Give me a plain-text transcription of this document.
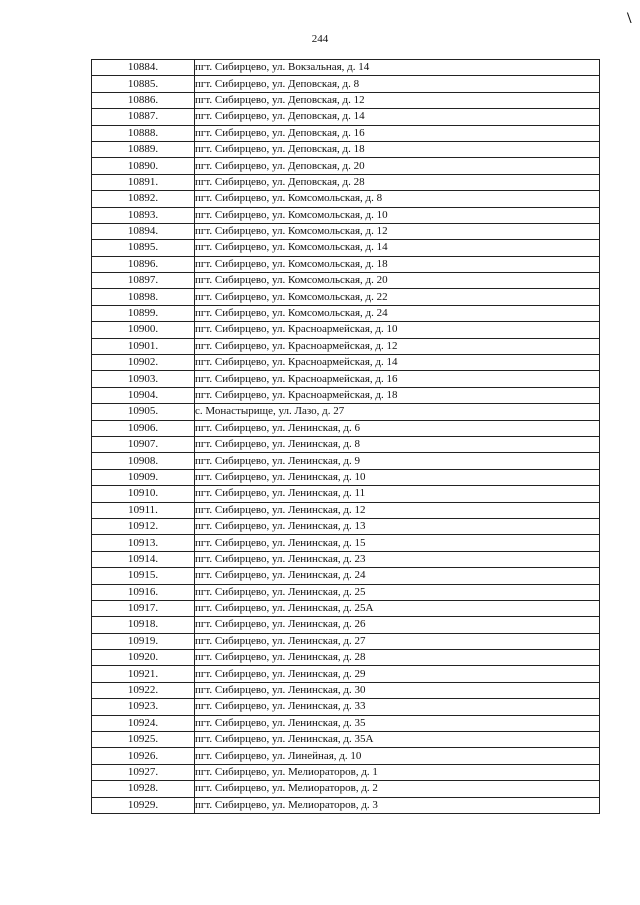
244
\
10884.	пгт. Сибирцево, ул. Вокзальная, д. 14
10885.	пгт. Сибирцево, ул. Деповская, д. 8
10886.	пгт. Сибирцево, ул. Деповская, д. 12
10887.	пгт. Сибирцево, ул. Деповская, д. 14
10888.	пгт. Сибирцево, ул. Деповская, д. 16
10889.	пгт. Сибирцево, ул. Деповская, д. 18
10890.	пгт. Сибирцево, ул. Деповская, д. 20
10891.	пгт. Сибирцево, ул. Деповская, д. 28
10892.	пгт. Сибирцево, ул. Комсомольская, д. 8
10893.	пгт. Сибирцево, ул. Комсомольская, д. 10
10894.	пгт. Сибирцево, ул. Комсомольская, д. 12
10895.	пгт. Сибирцево, ул. Комсомольская, д. 14
10896.	пгт. Сибирцево, ул. Комсомольская, д. 18
10897.	пгт. Сибирцево, ул. Комсомольская, д. 20
10898.	пгт. Сибирцево, ул. Комсомольская, д. 22
10899.	пгт. Сибирцево, ул. Комсомольская, д. 24
10900.	пгт. Сибирцево, ул. Красноармейская, д. 10
10901.	пгт. Сибирцево, ул. Красноармейская, д. 12
10902.	пгт. Сибирцево, ул. Красноармейская, д. 14
10903.	пгт. Сибирцево, ул. Красноармейская, д. 16
10904.	пгт. Сибирцево, ул. Красноармейская, д. 18
10905.	с. Монастырище, ул. Лазо, д. 27
10906.	пгт. Сибирцево, ул. Ленинская, д. 6
10907.	пгт. Сибирцево, ул. Ленинская, д. 8
10908.	пгт. Сибирцево, ул. Ленинская, д. 9
10909.	пгт. Сибирцево, ул. Ленинская, д. 10
10910.	пгт. Сибирцево, ул. Ленинская, д. 11
10911.	пгт. Сибирцево, ул. Ленинская, д. 12
10912.	пгт. Сибирцево, ул. Ленинская, д. 13
10913.	пгт. Сибирцево, ул. Ленинская, д. 15
10914.	пгт. Сибирцево, ул. Ленинская, д. 23
10915.	пгт. Сибирцево, ул. Ленинская, д. 24
10916.	пгт. Сибирцево, ул. Ленинская, д. 25
10917.	пгт. Сибирцево, ул. Ленинская, д. 25А
10918.	пгт. Сибирцево, ул. Ленинская, д. 26
10919.	пгт. Сибирцево, ул. Ленинская, д. 27
10920.	пгт. Сибирцево, ул. Ленинская, д. 28
10921.	пгт. Сибирцево, ул. Ленинская, д. 29
10922.	пгт. Сибирцево, ул. Ленинская, д. 30
10923.	пгт. Сибирцево, ул. Ленинская, д. 33
10924.	пгт. Сибирцево, ул. Ленинская, д. 35
10925.	пгт. Сибирцево, ул. Ленинская, д. 35А
10926.	пгт. Сибирцево, ул. Линейная, д. 10
10927.	пгт. Сибирцево, ул. Мелиораторов, д. 1
10928.	пгт. Сибирцево, ул. Мелиораторов, д. 2
10929.	пгт. Сибирцево, ул. Мелиораторов, д. 3
